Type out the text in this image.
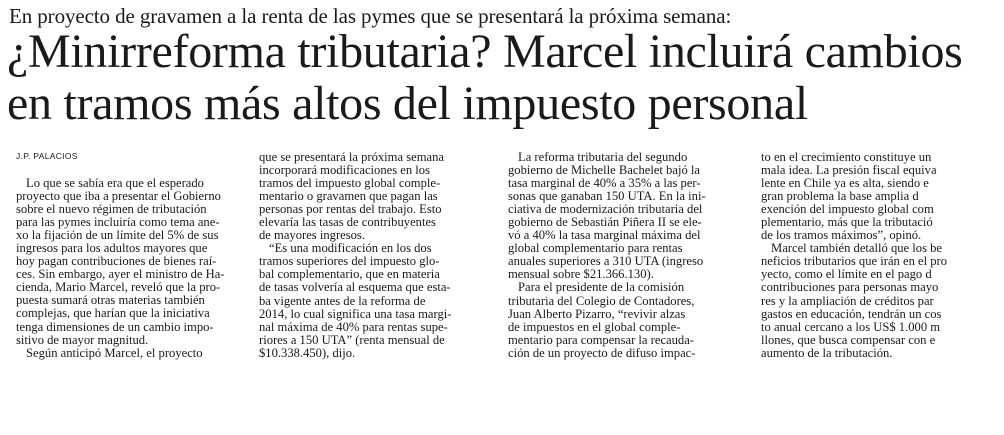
En proyecto de gravamen a la renta de las pymes que se presentará la próxima semana:
¿Minirreforma tributaria? Marcel incluirá cambios
en tramos más altos del impuesto personal
J.P. PALACIOS

Lo que se sabía era que el esperado
proyecto que iba a presentar el Gobierno
sobre el nuevo régimen de tributación
para las pymes incluiría como tema ane-
xo la fijación de un límite del 5% de sus
ingresos para los adultos mayores que
hoy pagan contribuciones de bienes raí-
ces. Sin embargo, ayer el ministro de Ha-
cienda, Mario Marcel, reveló que la pro-
puesta sumará otras materias también
complejas, que harían que la iniciativa
tenga dimensiones de un cambio impo-
sitivo de mayor magnitud.

Según anticipó Marcel, el proyecto

que se presentará la próxima semana
incorporará modificaciones en los
tramos del impuesto global comple-
mentario o gravamen que pagan las
personas por rentas del trabajo. Esto
elevaría las tasas de contribuyentes
de mayores ingresos.

“Es una modificación en los dos
tramos superiores del impuesto glo-
bal complementario, que en materia
de tasas volvería al esquema que esta-
ba vigente antes de la reforma de
2014, lo cual significa una tasa margi-
nal máxima de 40% para rentas supe-
riores a 150 UTA” (renta mensual de
$10.338.450), dijo.

La reforma tributaria del segundo
gobierno de Michelle Bachelet bajó la
tasa marginal de 40% a 35% a las per-
sonas que ganaban 150 UTA. En la ini-
ciativa de modernización tributaria del
gobierno de Sebastián Piñera II se ele-
vó a 40% la tasa marginal máxima del
global complementario para rentas
anuales superiores a 310 UTA (ingreso
mensual sobre $21.366.130).

Para el presidente de la comisión
tributaria del Colegio de Contadores,
Juan Alberto Pizarro, “revivir alzas
de impuestos en el global comple-
mentario para compensar la recauda-
ción de un proyecto de difuso impac-

to en el crecimiento constituye un
mala idea. La presión fiscal equiva
lente en Chile ya es alta, siendo e
gran problema la base amplia d
exención del impuesto global com
plementario, más que la tributació
de los tramos máximos”, opinó.

Marcel también detalló que los be
neficios tributarios que irán en el pro
yecto, como el límite en el pago d
contribuciones para personas mayo
res y la ampliación de créditos par
gastos en educación, tendrán un cos
to anual cercano a los US$ 1.000 m
llones, que busca compensar con e
aumento de la tributación.
